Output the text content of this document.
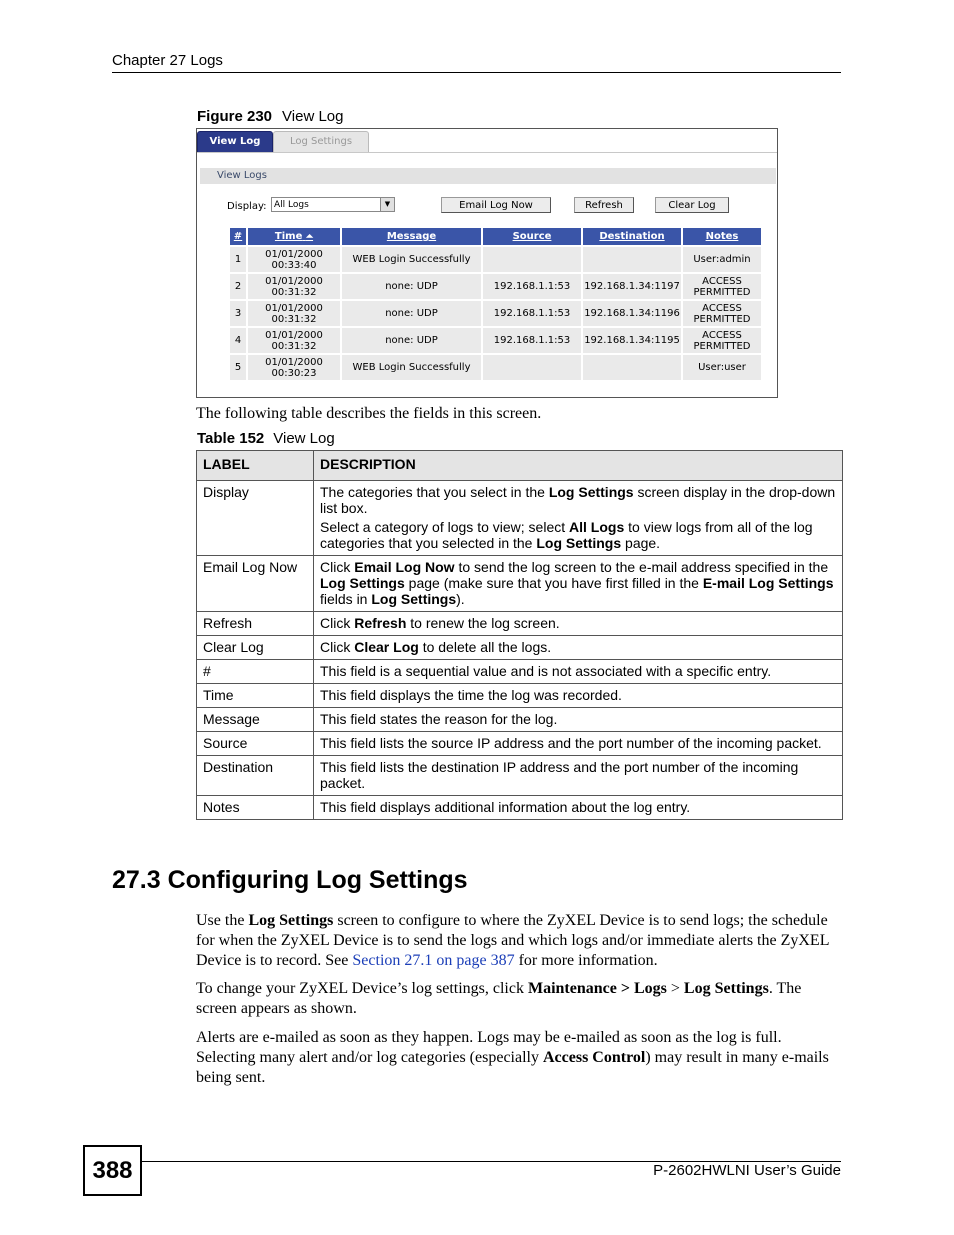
Chapter 27 Logs
Figure 230 View Log
View Log	Log Settings
View Logs
Display: All Logs	▼	Email Log Now	Refresh	Clear Log
#	Time ⏶	Message	Source	Destination	Notes
1	01/01/2000
00:33:40	WEB Login Successfully			User:admin

2	01/01/2000
00:31:32	none: UDP	192.168.1.1:53	192.168.1.34:1197	ACCESS
PERMITTED
3	01/01/2000
00:31:32	none: UDP	192.168.1.1:53	192.168.1.34:1196	ACCESS
PERMITTED
4	01/01/2000
00:31:32	none: UDP	192.168.1.1:53	192.168.1.34:1195	ACCESS
PERMITTED
5	01/01/2000
00:30:23	WEB Login Successfully			User:user

The following table describes the fields in this screen.
Table 152 View Log
LABEL	DESCRIPTION
Display	The categories that you select in the Log Settings screen display in the drop-down list box.

Select a category of logs to view; select All Logs to view logs from all of the log categories that you selected in the Log Settings page.

Email Log Now	Click Email Log Now to send the log screen to the e-mail address specified in the Log Settings page (make sure that you have first filled in the E-mail Log Settings fields in Log Settings).
Refresh	Click Refresh to renew the log screen.
Clear Log	Click Clear Log to delete all the logs.
#	This field is a sequential value and is not associated with a specific entry.
Time	This field displays the time the log was recorded.
Message	This field states the reason for the log.
Source	This field lists the source IP address and the port number of the incoming packet.
Destination	This field lists the destination IP address and the port number of the incoming packet.
Notes	This field displays additional information about the log entry.
27.3 Configuring Log Settings
Use the Log Settings screen to configure to where the ZyXEL Device is to send logs; the schedule for when the ZyXEL Device is to send the logs and which logs and/or immediate alerts the ZyXEL Device is to record. See Section 27.1 on page 387 for more information.
To change your ZyXEL Device’s log settings, click Maintenance > Logs > Log Settings. The screen appears as shown.
Alerts are e-mailed as soon as they happen. Logs may be e-mailed as soon as the log is full. Selecting many alert and/or log categories (especially Access Control) may result in many e-mails being sent.
388	P-2602HWLNI User’s Guide
